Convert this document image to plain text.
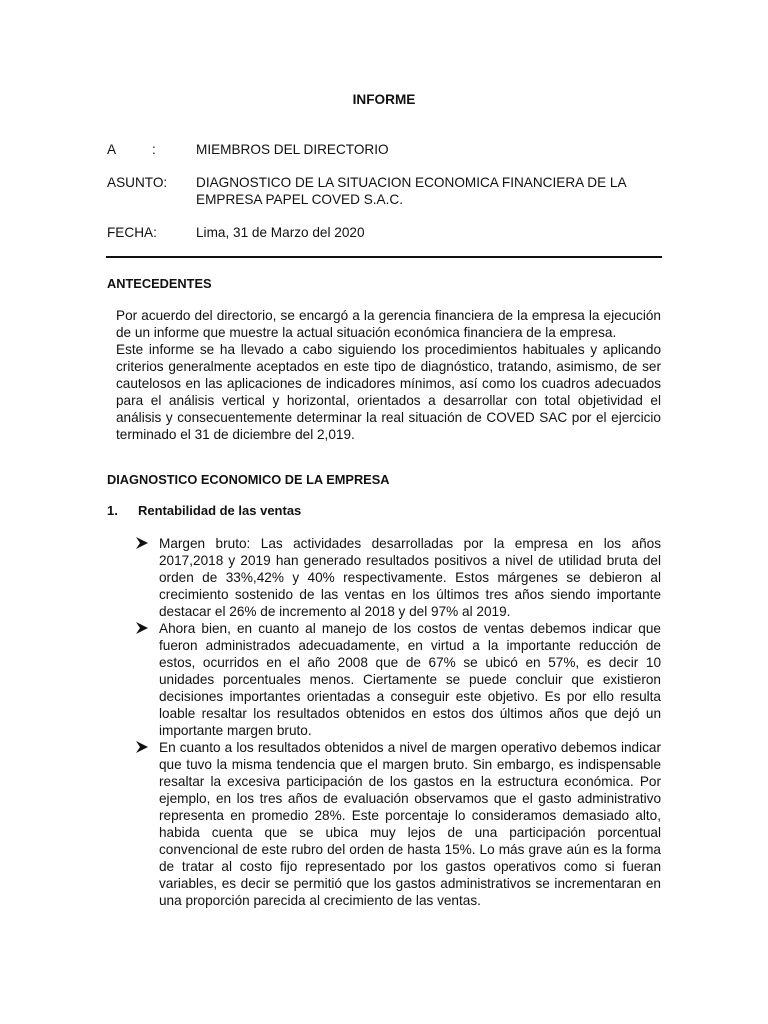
INFORME
A	:	MIEMBROS DEL DIRECTORIO
ASUNTO: DIAGNOSTICO DE LA SITUACION ECONOMICA FINANCIERA DE LA EMPRESA PAPEL COVED S.A.C.
FECHA:	Lima, 31 de Marzo del 2020
ANTECEDENTES

Por acuerdo del directorio, se encargó a la gerencia financiera de la empresa la ejecución de un informe que muestre la actual situación económica financiera de la empresa.

Este informe se ha llevado a cabo siguiendo los procedimientos habituales y aplicando criterios generalmente aceptados en este tipo de diagnóstico, tratando, asimismo, de ser cautelosos en las aplicaciones de indicadores mínimos, así como los cuadros adecuados para el análisis vertical y horizontal, orientados a desarrollar con total objetividad el análisis y consecuentemente determinar la real situación de COVED SAC por el ejercicio terminado el 31 de diciembre del 2,019.

DIAGNOSTICO ECONOMICO DE LA EMPRESA
1. Rentabilidad de las ventas
Margen bruto: Las actividades desarrolladas por la empresa en los años 2017,2018 y 2019 han generado resultados positivos a nivel de utilidad bruta del orden de 33%,42% y 40% respectivamente. Estos márgenes se debieron al crecimiento sostenido de las ventas en los últimos tres años siendo importante destacar el 26% de incremento al 2018 y del 97% al 2019.
Ahora bien, en cuanto al manejo de los costos de ventas debemos indicar que fueron administrados adecuadamente, en virtud a la importante reducción de estos, ocurridos en el año 2008 que de 67% se ubicó en 57%, es decir 10 unidades porcentuales menos. Ciertamente se puede concluir que existieron decisiones importantes orientadas a conseguir este objetivo. Es por ello resulta loable resaltar los resultados obtenidos en estos dos últimos años que dejó un importante margen bruto.
En cuanto a los resultados obtenidos a nivel de margen operativo debemos indicar que tuvo la misma tendencia que el margen bruto. Sin embargo, es indispensable resaltar la excesiva participación de los gastos en la estructura económica. Por ejemplo, en los tres años de evaluación observamos que el gasto administrativo representa en promedio 28%. Este porcentaje lo consideramos demasiado alto, habida cuenta que se ubica muy lejos de una participación porcentual convencional de este rubro del orden de hasta 15%. Lo más grave aún es la forma de tratar al costo fijo representado por los gastos operativos como si fueran variables, es decir se permitió que los gastos administrativos se incrementaran en una proporción parecida al crecimiento de las ventas.
